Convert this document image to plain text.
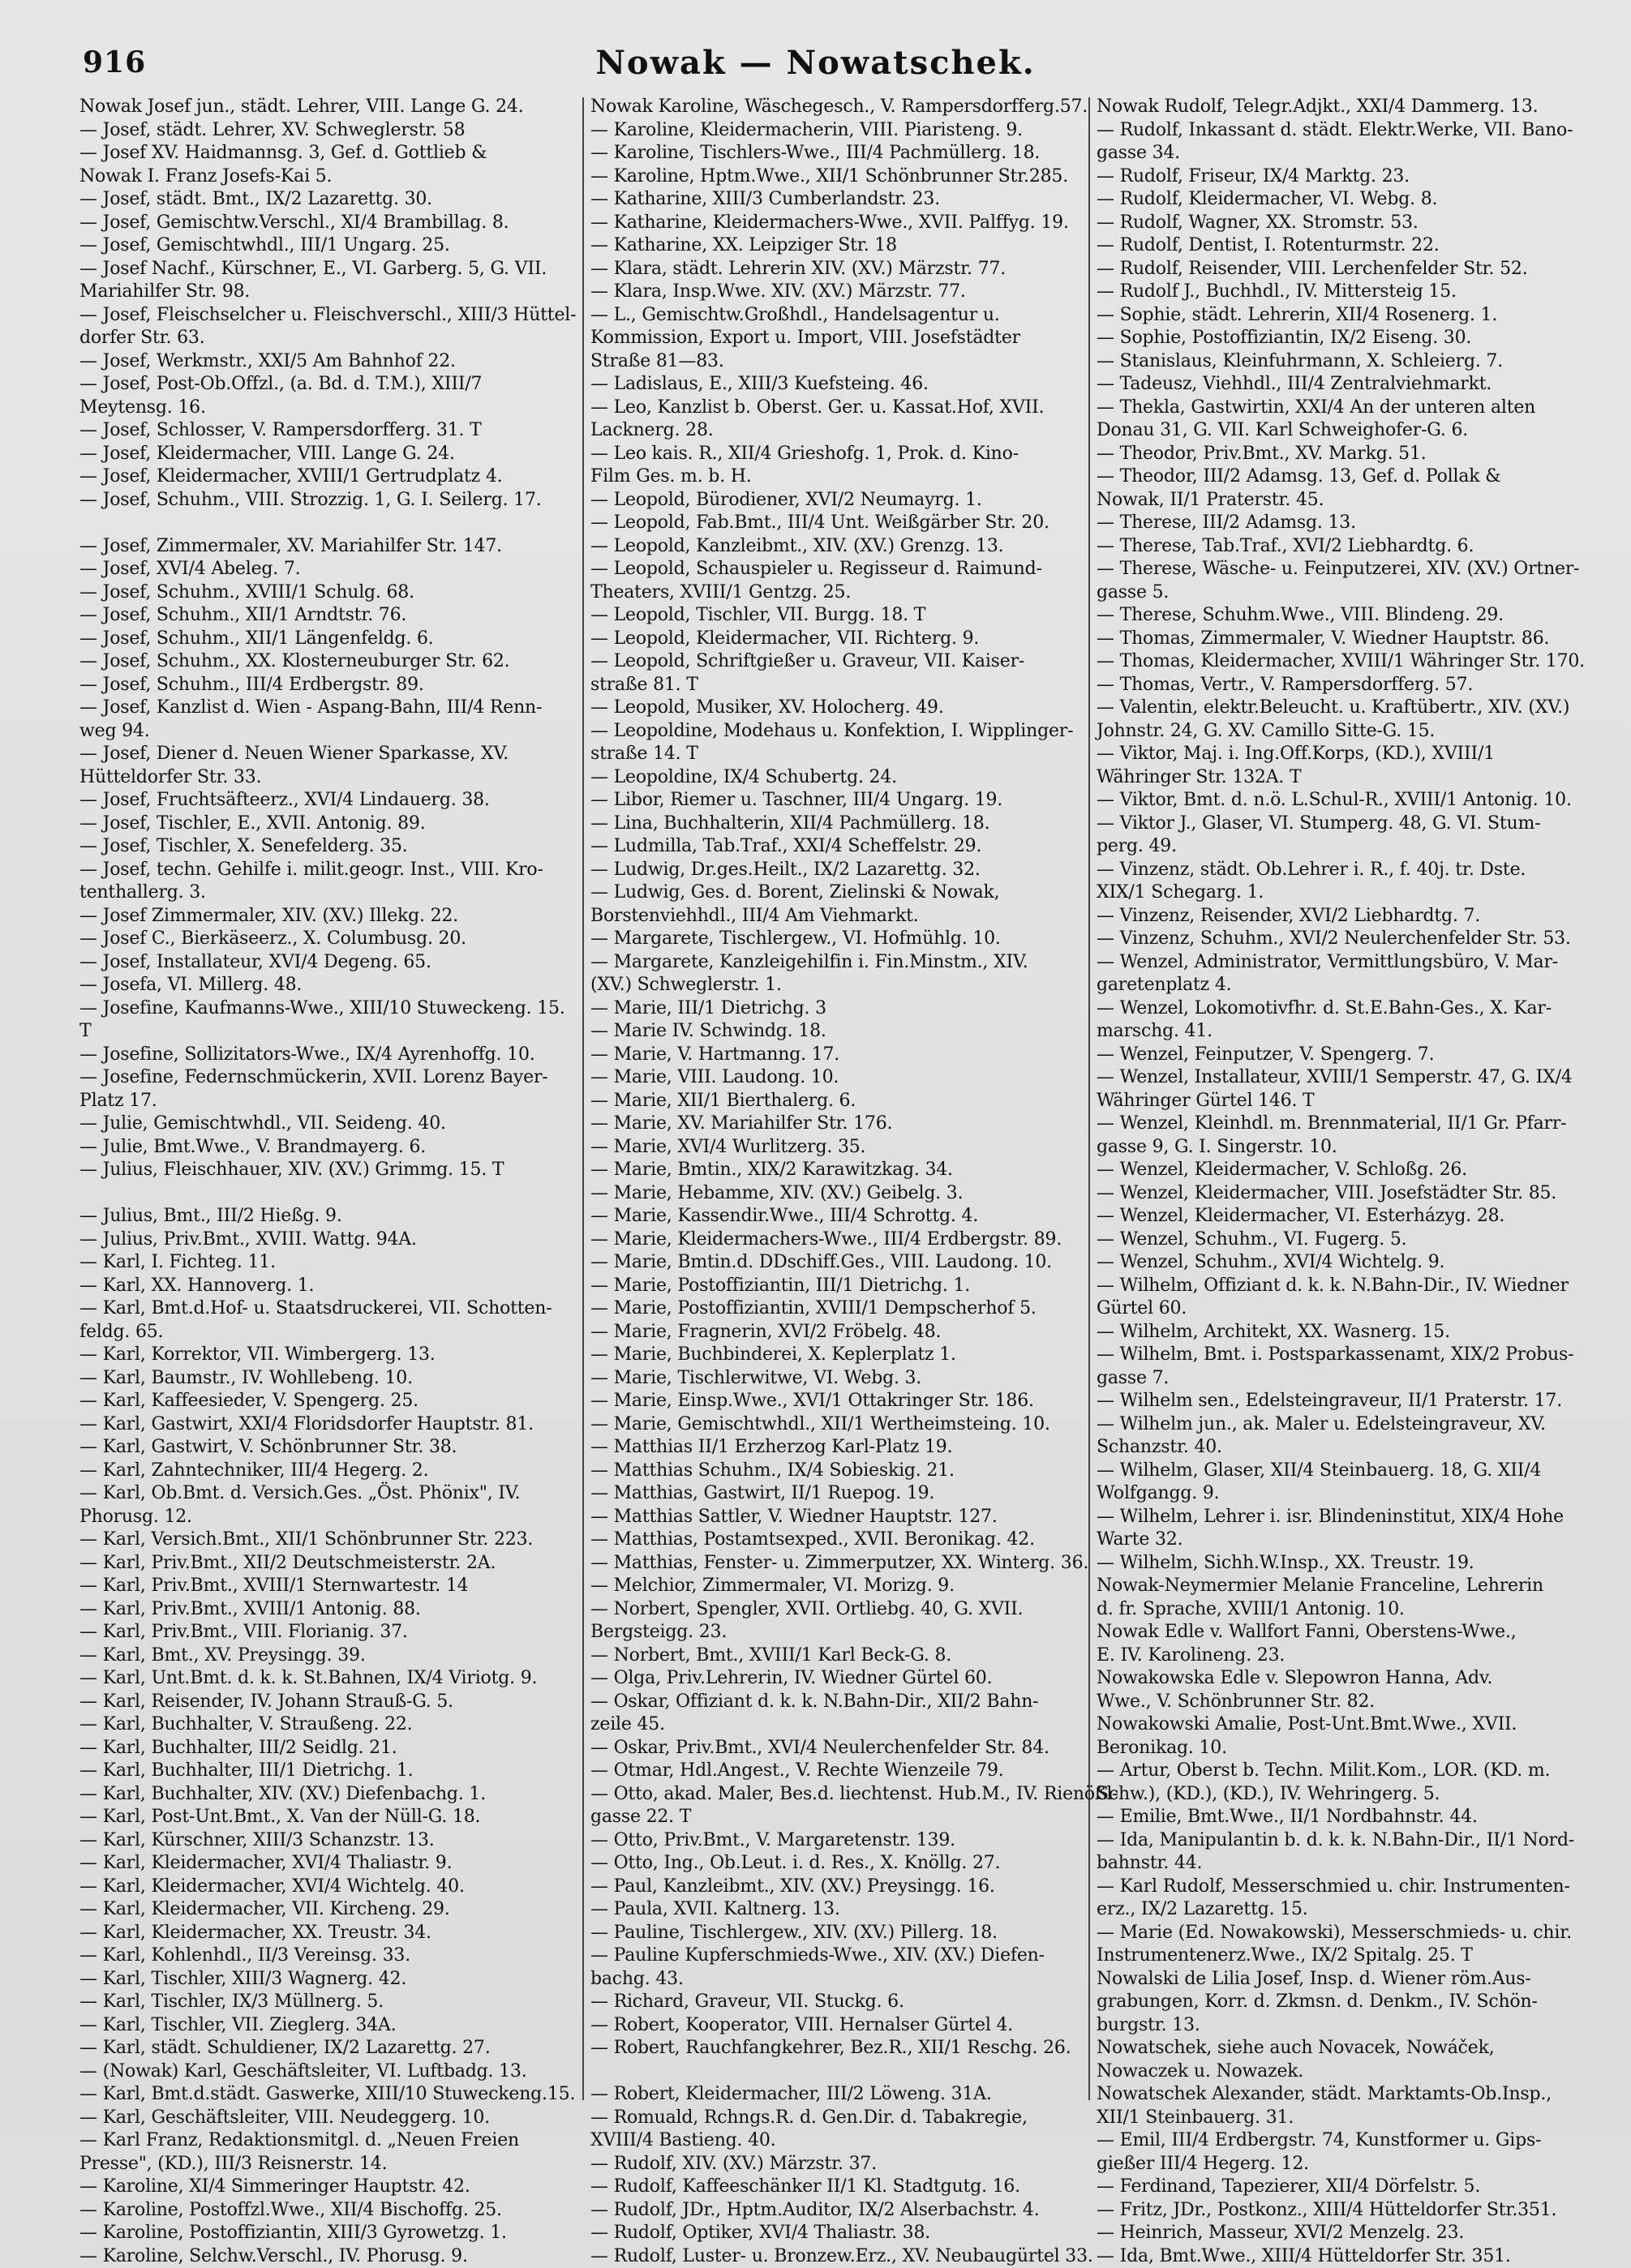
916	Nowak — Nowatschek.
Nowak Josef jun., städt. Lehrer, VIII. Lange G. 24.
— Josef, städt. Lehrer, XV. Schweglerstr. 58
— Josef XV. Haidmannsg. 3, Gef. d. Gottlieb &
Nowak I. Franz Josefs-Kai 5.
— Josef, städt. Bmt., IX/2 Lazarettg. 30.
— Josef, Gemischtw.Verschl., XI/4 Brambillag. 8.
— Josef, Gemischtwhdl., III/1 Ungarg. 25.
— Josef Nachf., Kürschner, E., VI. Garberg. 5, G. VII.
Mariahilfer Str. 98.
— Josef, Fleischselcher u. Fleischverschl., XIII/3 Hüttel-
dorfer Str. 63.
— Josef, Werkmstr., XXI/5 Am Bahnhof 22.
— Josef, Post-Ob.Offzl., (a. Bd. d. T.M.), XIII/7
Meytensg. 16.
— Josef, Schlosser, V. Rampersdorfferg. 31. T
— Josef, Kleidermacher, VIII. Lange G. 24.
— Josef, Kleidermacher, XVIII/1 Gertrudplatz 4.
— Josef, Schuhm., VIII. Strozzig. 1, G. I. Seilerg. 17.
— Josef, Zimmermaler, XV. Mariahilfer Str. 147.
— Josef, XVI/4 Abeleg. 7.
— Josef, Schuhm., XVIII/1 Schulg. 68.
— Josef, Schuhm., XII/1 Arndtstr. 76.
— Josef, Schuhm., XII/1 Längenfeldg. 6.
— Josef, Schuhm., XX. Klosterneuburger Str. 62.
— Josef, Schuhm., III/4 Erdbergstr. 89.
— Josef, Kanzlist d. Wien - Aspang-Bahn, III/4 Renn-
weg 94.
— Josef, Diener d. Neuen Wiener Sparkasse, XV.
Hütteldorfer Str. 33.
— Josef, Fruchtsäfteerz., XVI/4 Lindauerg. 38.
— Josef, Tischler, E., XVII. Antonig. 89.
— Josef, Tischler, X. Senefelderg. 35.
— Josef, techn. Gehilfe i. milit.geogr. Inst., VIII. Kro-
tenthallerg. 3.
— Josef Zimmermaler, XIV. (XV.) Illekg. 22.
— Josef C., Bierkäseerz., X. Columbusg. 20.
— Josef, Installateur, XVI/4 Degeng. 65.
— Josefa, VI. Millerg. 48.
— Josefine, Kaufmanns-Wwe., XIII/10 Stuweckeng. 15.
T
— Josefine, Sollizitators-Wwe., IX/4 Ayrenhoffg. 10.
— Josefine, Federnschmückerin, XVII. Lorenz Bayer-
Platz 17.
— Julie, Gemischtwhdl., VII. Seideng. 40.
— Julie, Bmt.Wwe., V. Brandmayerg. 6.
— Julius, Fleischhauer, XIV. (XV.) Grimmg. 15. T
— Julius, Bmt., III/2 Hießg. 9.
— Julius, Priv.Bmt., XVIII. Wattg. 94A.
— Karl, I. Fichteg. 11.
— Karl, XX. Hannoverg. 1.
— Karl, Bmt.d.Hof- u. Staatsdruckerei, VII. Schotten-
feldg. 65.
— Karl, Korrektor, VII. Wimbergerg. 13.
— Karl, Baumstr., IV. Wohllebeng. 10.
— Karl, Kaffeesieder, V. Spengerg. 25.
— Karl, Gastwirt, XXI/4 Floridsdorfer Hauptstr. 81.
— Karl, Gastwirt, V. Schönbrunner Str. 38.
— Karl, Zahntechniker, III/4 Hegerg. 2.
— Karl, Ob.Bmt. d. Versich.Ges. „Öst. Phönix", IV.
Phorusg. 12.
— Karl, Versich.Bmt., XII/1 Schönbrunner Str. 223.
— Karl, Priv.Bmt., XII/2 Deutschmeisterstr. 2A.
— Karl, Priv.Bmt., XVIII/1 Sternwartestr. 14
— Karl, Priv.Bmt., XVIII/1 Antonig. 88.
— Karl, Priv.Bmt., VIII. Florianig. 37.
— Karl, Bmt., XV. Preysingg. 39.
— Karl, Unt.Bmt. d. k. k. St.Bahnen, IX/4 Viriotg. 9.
— Karl, Reisender, IV. Johann Strauß-G. 5.
— Karl, Buchhalter, V. Straußeng. 22.
— Karl, Buchhalter, III/2 Seidlg. 21.
— Karl, Buchhalter, III/1 Dietrichg. 1.
— Karl, Buchhalter, XIV. (XV.) Diefenbachg. 1.
— Karl, Post-Unt.Bmt., X. Van der Nüll-G. 18.
— Karl, Kürschner, XIII/3 Schanzstr. 13.
— Karl, Kleidermacher, XVI/4 Thaliastr. 9.
— Karl, Kleidermacher, XVI/4 Wichtelg. 40.
— Karl, Kleidermacher, VII. Kircheng. 29.
— Karl, Kleidermacher, XX. Treustr. 34.
— Karl, Kohlenhdl., II/3 Vereinsg. 33.
— Karl, Tischler, XIII/3 Wagnerg. 42.
— Karl, Tischler, IX/3 Müllnerg. 5.
— Karl, Tischler, VII. Zieglerg. 34A.
— Karl, städt. Schuldiener, IX/2 Lazarettg. 27.
— (Nowak) Karl, Geschäftsleiter, VI. Luftbadg. 13.
— Karl, Bmt.d.städt. Gaswerke, XIII/10 Stuweckeng.15.
— Karl, Geschäftsleiter, VIII. Neudeggerg. 10.
— Karl Franz, Redaktionsmitgl. d. „Neuen Freien
Presse", (KD.), III/3 Reisnerstr. 14.
— Karoline, XI/4 Simmeringer Hauptstr. 42.
— Karoline, Postoffzl.Wwe., XII/4 Bischoffg. 25.
— Karoline, Postoffiziantin, XIII/3 Gyrowetzg. 1.
— Karoline, Selchw.Verschl., IV. Phorusg. 9.
Nowak Karoline, Wäschegesch., V. Rampersdorfferg.57.
— Karoline, Kleidermacherin, VIII. Piaristeng. 9.
— Karoline, Tischlers-Wwe., III/4 Pachmüllerg. 18.
— Karoline, Hptm.Wwe., XII/1 Schönbrunner Str.285.
— Katharine, XIII/3 Cumberlandstr. 23.
— Katharine, Kleidermachers-Wwe., XVII. Palffyg. 19.
— Katharine, XX. Leipziger Str. 18
— Klara, städt. Lehrerin XIV. (XV.) Märzstr. 77.
— Klara, Insp.Wwe. XIV. (XV.) Märzstr. 77.
— L., Gemischtw.Großhdl., Handelsagentur u.
Kommission, Export u. Import, VIII. Josefstädter
Straße 81—83.
— Ladislaus, E., XIII/3 Kuefsteing. 46.
— Leo, Kanzlist b. Oberst. Ger. u. Kassat.Hof, XVII.
Lacknerg. 28.
— Leo kais. R., XII/4 Grieshofg. 1, Prok. d. Kino-
Film Ges. m. b. H.
— Leopold, Bürodiener, XVI/2 Neumayrg. 1.
— Leopold, Fab.Bmt., III/4 Unt. Weißgärber Str. 20.
— Leopold, Kanzleibmt., XIV. (XV.) Grenzg. 13.
— Leopold, Schauspieler u. Regisseur d. Raimund-
Theaters, XVIII/1 Gentzg. 25.
— Leopold, Tischler, VII. Burgg. 18. T
— Leopold, Kleidermacher, VII. Richterg. 9.
— Leopold, Schriftgießer u. Graveur, VII. Kaiser-
straße 81. T
— Leopold, Musiker, XV. Holocherg. 49.
— Leopoldine, Modehaus u. Konfektion, I. Wipplinger-
straße 14. T
— Leopoldine, IX/4 Schubertg. 24.
— Libor, Riemer u. Taschner, III/4 Ungarg. 19.
— Lina, Buchhalterin, XII/4 Pachmüllerg. 18.
— Ludmilla, Tab.Traf., XXI/4 Scheffelstr. 29.
— Ludwig, Dr.ges.Heilt., IX/2 Lazarettg. 32.
— Ludwig, Ges. d. Borent, Zielinski & Nowak,
Borstenviehhdl., III/4 Am Viehmarkt.
— Margarete, Tischlergew., VI. Hofmühlg. 10.
— Margarete, Kanzleigehilfin i. Fin.Minstm., XIV.
(XV.) Schweglerstr. 1.
— Marie, III/1 Dietrichg. 3
— Marie IV. Schwindg. 18.
— Marie, V. Hartmanng. 17.
— Marie, VIII. Laudong. 10.
— Marie, XII/1 Bierthalerg. 6.
— Marie, XV. Mariahilfer Str. 176.
— Marie, XVI/4 Wurlitzerg. 35.
— Marie, Bmtin., XIX/2 Karawitzkag. 34.
— Marie, Hebamme, XIV. (XV.) Geibelg. 3.
— Marie, Kassendir.Wwe., III/4 Schrottg. 4.
— Marie, Kleidermachers-Wwe., III/4 Erdbergstr. 89.
— Marie, Bmtin.d. DDschiff.Ges., VIII. Laudong. 10.
— Marie, Postoffiziantin, III/1 Dietrichg. 1.
— Marie, Postoffiziantin, XVIII/1 Dempscherhof 5.
— Marie, Fragnerin, XVI/2 Fröbelg. 48.
— Marie, Buchbinderei, X. Keplerplatz 1.
— Marie, Tischlerwitwe, VI. Webg. 3.
— Marie, Einsp.Wwe., XVI/1 Ottakringer Str. 186.
— Marie, Gemischtwhdl., XII/1 Wertheimsteing. 10.
— Matthias II/1 Erzherzog Karl-Platz 19.
— Matthias Schuhm., IX/4 Sobieskig. 21.
— Matthias, Gastwirt, II/1 Ruepog. 19.
— Matthias Sattler, V. Wiedner Hauptstr. 127.
— Matthias, Postamtsexped., XVII. Beronikag. 42.
— Matthias, Fenster- u. Zimmerputzer, XX. Winterg. 36.
— Melchior, Zimmermaler, VI. Morizg. 9.
— Norbert, Spengler, XVII. Ortliebg. 40, G. XVII.
Bergsteigg. 23.
— Norbert, Bmt., XVIII/1 Karl Beck-G. 8.
— Olga, Priv.Lehrerin, IV. Wiedner Gürtel 60.
— Oskar, Offiziant d. k. k. N.Bahn-Dir., XII/2 Bahn-
zeile 45.
— Oskar, Priv.Bmt., XVI/4 Neulerchenfelder Str. 84.
— Otmar, Hdl.Angest., V. Rechte Wienzeile 79.
— Otto, akad. Maler, Bes.d. liechtenst. Hub.M., IV. Rienößl-
gasse 22. T
— Otto, Priv.Bmt., V. Margaretenstr. 139.
— Otto, Ing., Ob.Leut. i. d. Res., X. Knöllg. 27.
— Paul, Kanzleibmt., XIV. (XV.) Preysingg. 16.
— Paula, XVII. Kaltnerg. 13.
— Pauline, Tischlergew., XIV. (XV.) Pillerg. 18.
— Pauline Kupferschmieds-Wwe., XIV. (XV.) Diefen-
bachg. 43.
— Richard, Graveur, VII. Stuckg. 6.
— Robert, Kooperator, VIII. Hernalser Gürtel 4.
— Robert, Rauchfangkehrer, Bez.R., XII/1 Reschg. 26.
— Robert, Kleidermacher, III/2 Löweng. 31A.
— Romuald, Rchngs.R. d. Gen.Dir. d. Tabakregie,
XVIII/4 Bastieng. 40.
— Rudolf, XIV. (XV.) Märzstr. 37.
— Rudolf, Kaffeeschänker II/1 Kl. Stadtgutg. 16.
— Rudolf, JDr., Hptm.Auditor, IX/2 Alserbachstr. 4.
— Rudolf, Optiker, XVI/4 Thaliastr. 38.
— Rudolf, Luster- u. Bronzew.Erz., XV. Neubaugürtel 33.
Nowak Rudolf, Telegr.Adjkt., XXI/4 Dammerg. 13.
— Rudolf, Inkassant d. städt. Elektr.Werke, VII. Bano-
gasse 34.
— Rudolf, Friseur, IX/4 Marktg. 23.
— Rudolf, Kleidermacher, VI. Webg. 8.
— Rudolf, Wagner, XX. Stromstr. 53.
— Rudolf, Dentist, I. Rotenturmstr. 22.
— Rudolf, Reisender, VIII. Lerchenfelder Str. 52.
— Rudolf J., Buchhdl., IV. Mittersteig 15.
— Sophie, städt. Lehrerin, XII/4 Rosenerg. 1.
— Sophie, Postoffiziantin, IX/2 Eiseng. 30.
— Stanislaus, Kleinfuhrmann, X. Schleierg. 7.
— Tadeusz, Viehhdl., III/4 Zentralviehmarkt.
— Thekla, Gastwirtin, XXI/4 An der unteren alten
Donau 31, G. VII. Karl Schweighofer-G. 6.
— Theodor, Priv.Bmt., XV. Markg. 51.
— Theodor, III/2 Adamsg. 13, Gef. d. Pollak &
Nowak, II/1 Praterstr. 45.
— Therese, III/2 Adamsg. 13.
— Therese, Tab.Traf., XVI/2 Liebhardtg. 6.
— Therese, Wäsche- u. Feinputzerei, XIV. (XV.) Ortner-
gasse 5.
— Therese, Schuhm.Wwe., VIII. Blindeng. 29.
— Thomas, Zimmermaler, V. Wiedner Hauptstr. 86.
— Thomas, Kleidermacher, XVIII/1 Währinger Str. 170.
— Thomas, Vertr., V. Rampersdorfferg. 57.
— Valentin, elektr.Beleucht. u. Kraftübertr., XIV. (XV.)
Johnstr. 24, G. XV. Camillo Sitte-G. 15.
— Viktor, Maj. i. Ing.Off.Korps, (KD.), XVIII/1
Währinger Str. 132A. T
— Viktor, Bmt. d. n.ö. L.Schul-R., XVIII/1 Antonig. 10.
— Viktor J., Glaser, VI. Stumperg. 48, G. VI. Stum-
perg. 49.
— Vinzenz, städt. Ob.Lehrer i. R., f. 40j. tr. Dste.
XIX/1 Schegarg. 1.
— Vinzenz, Reisender, XVI/2 Liebhardtg. 7.
— Vinzenz, Schuhm., XVI/2 Neulerchenfelder Str. 53.
— Wenzel, Administrator, Vermittlungsbüro, V. Mar-
garetenplatz 4.
— Wenzel, Lokomotivfhr. d. St.E.Bahn-Ges., X. Kar-
marschg. 41.
— Wenzel, Feinputzer, V. Spengerg. 7.
— Wenzel, Installateur, XVIII/1 Semperstr. 47, G. IX/4
Währinger Gürtel 146. T
— Wenzel, Kleinhdl. m. Brennmaterial, II/1 Gr. Pfarr-
gasse 9, G. I. Singerstr. 10.
— Wenzel, Kleidermacher, V. Schloßg. 26.
— Wenzel, Kleidermacher, VIII. Josefstädter Str. 85.
— Wenzel, Kleidermacher, VI. Esterházyg. 28.
— Wenzel, Schuhm., VI. Fugerg. 5.
— Wenzel, Schuhm., XVI/4 Wichtelg. 9.
— Wilhelm, Offiziant d. k. k. N.Bahn-Dir., IV. Wiedner
Gürtel 60.
— Wilhelm, Architekt, XX. Wasnerg. 15.
— Wilhelm, Bmt. i. Postsparkassenamt, XIX/2 Probus-
gasse 7.
— Wilhelm sen., Edelsteingraveur, II/1 Praterstr. 17.
— Wilhelm jun., ak. Maler u. Edelsteingraveur, XV.
Schanzstr. 40.
— Wilhelm, Glaser, XII/4 Steinbauerg. 18, G. XII/4
Wolfgangg. 9.
— Wilhelm, Lehrer i. isr. Blindeninstitut, XIX/4 Hohe
Warte 32.
— Wilhelm, Sichh.W.Insp., XX. Treustr. 19.
Nowak-Neymermier Melanie Franceline, Lehrerin
d. fr. Sprache, XVIII/1 Antonig. 10.
Nowak Edle v. Wallfort Fanni, Oberstens-Wwe.,
E. IV. Karolineng. 23.
Nowakowska Edle v. Slepowron Hanna, Adv.
Wwe., V. Schönbrunner Str. 82.
Nowakowski Amalie, Post-Unt.Bmt.Wwe., XVII.
Beronikag. 10.
— Artur, Oberst b. Techn. Milit.Kom., LOR. (KD. m.
Schw.), (KD.), (KD.), IV. Wehringerg. 5.
— Emilie, Bmt.Wwe., II/1 Nordbahnstr. 44.
— Ida, Manipulantin b. d. k. k. N.Bahn-Dir., II/1 Nord-
bahnstr. 44.
— Karl Rudolf, Messerschmied u. chir. Instrumenten-
erz., IX/2 Lazarettg. 15.
— Marie (Ed. Nowakowski), Messerschmieds- u. chir.
Instrumentenerz.Wwe., IX/2 Spitalg. 25. T
Nowalski de Lilia Josef, Insp. d. Wiener röm.Aus-
grabungen, Korr. d. Zkmsn. d. Denkm., IV. Schön-
burgstr. 13.
Nowatschek, siehe auch Novacek, Nowáček,
Nowaczek u. Nowazek.
Nowatschek Alexander, städt. Marktamts-Ob.Insp.,
XII/1 Steinbauerg. 31.
— Emil, III/4 Erdbergstr. 74, Kunstformer u. Gips-
gießer III/4 Hegerg. 12.
— Ferdinand, Tapezierer, XII/4 Dörfelstr. 5.
— Fritz, JDr., Postkonz., XIII/4 Hütteldorfer Str.351.
— Heinrich, Masseur, XVI/2 Menzelg. 23.
— Ida, Bmt.Wwe., XIII/4 Hütteldorfer Str. 351.
